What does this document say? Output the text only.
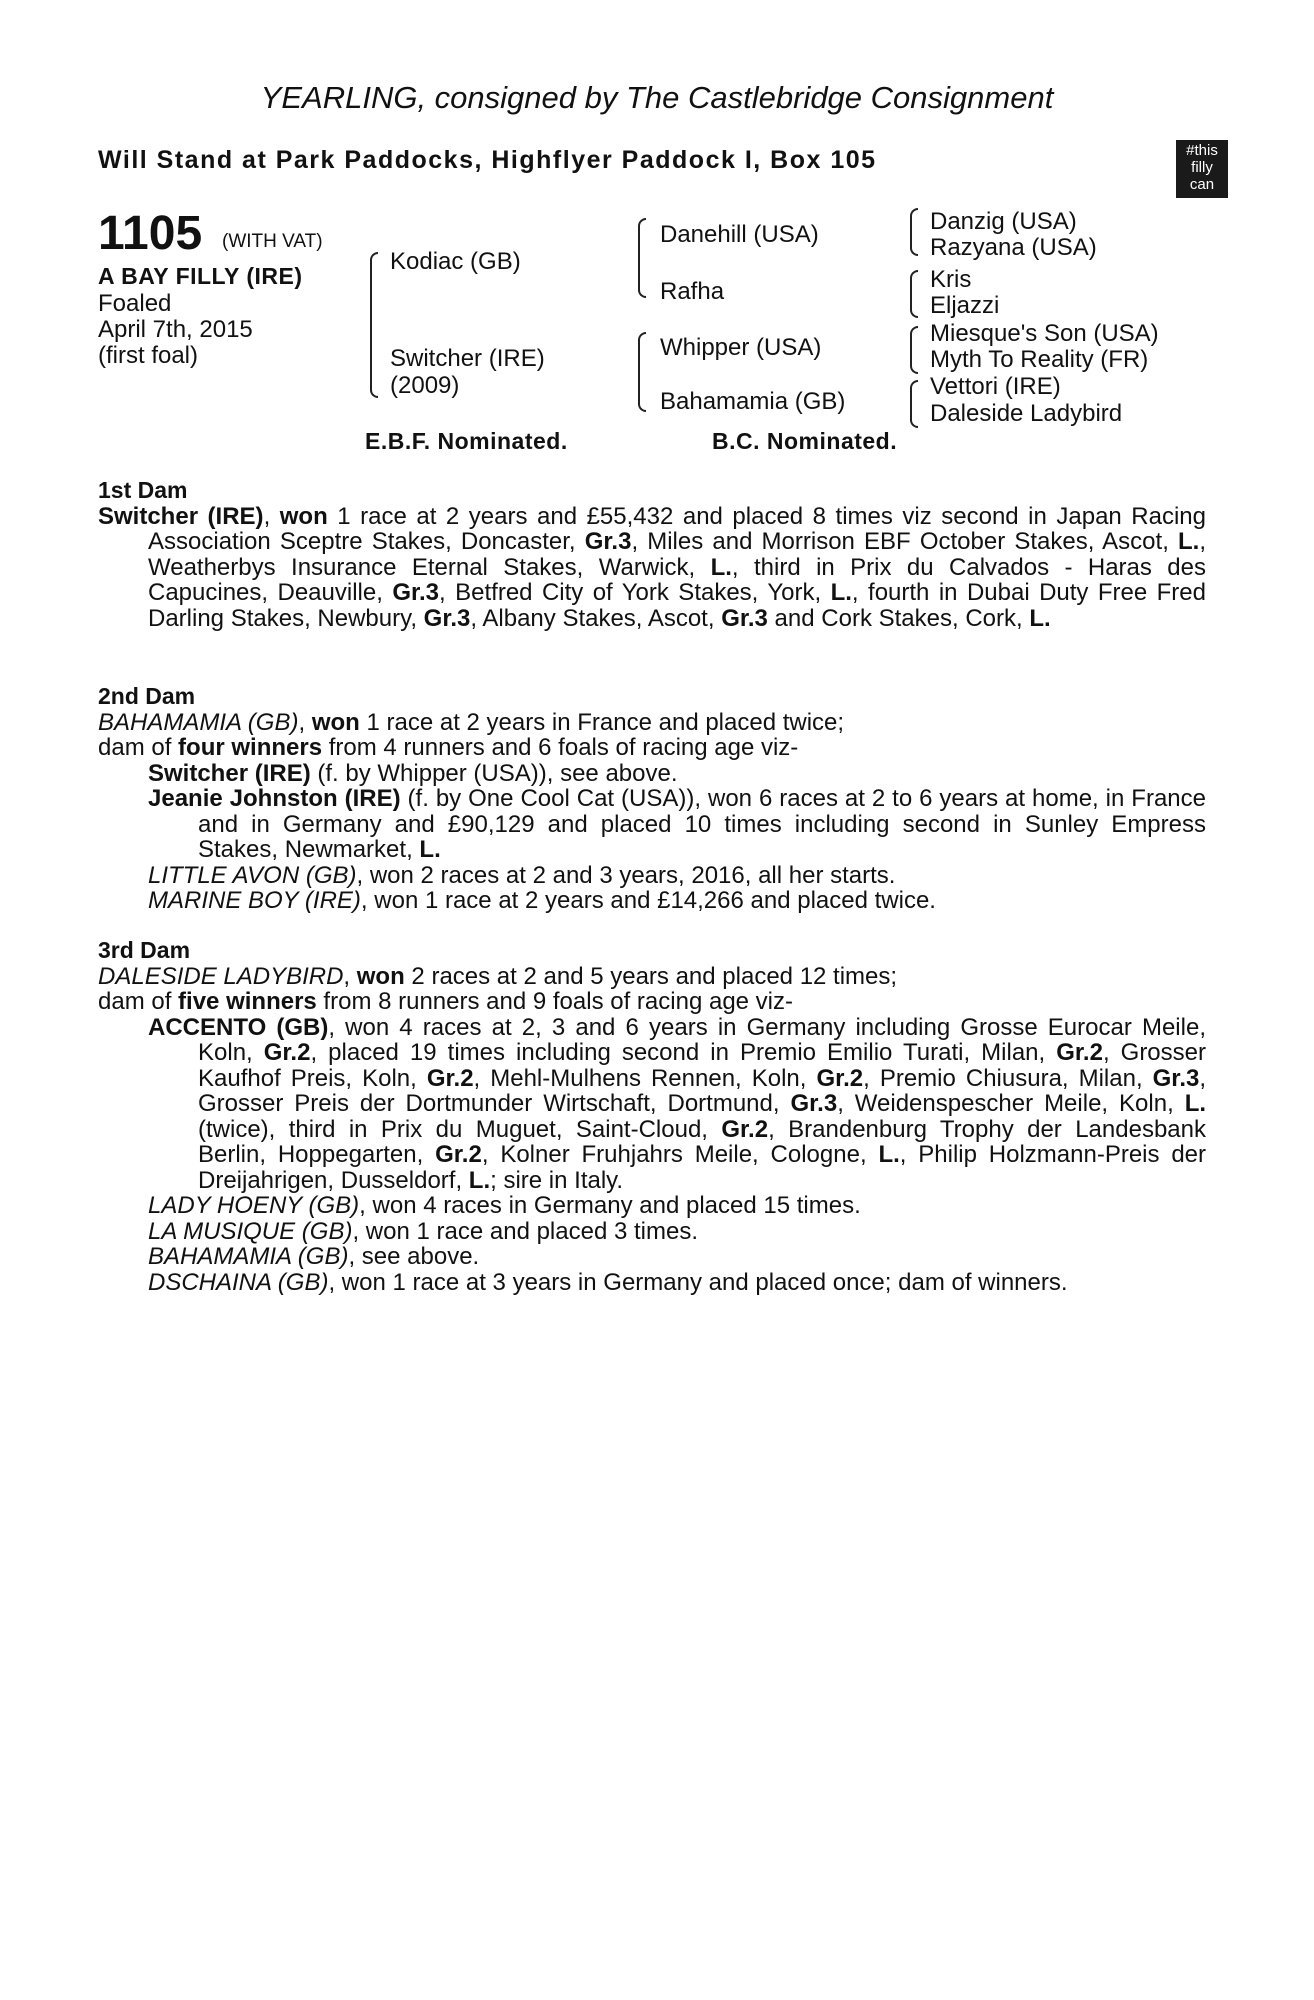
YEARLING, consigned by The Castlebridge Consignment
Will Stand at Park Paddocks, Highflyer Paddock I, Box 105	#this
filly
can
1105 (WITH VAT)
A BAY FILLY (IRE)
Foaled
April 7th, 2015
(first foal)
Kodiac (GB)
Switcher (IRE)
(2009)
Danehill (USA)
Rafha
Whipper (USA)
Bahamamia (GB)
Danzig (USA)
Razyana (USA)
Kris
Eljazzi
Miesque's Son (USA)
Myth To Reality (FR)
Vettori (IRE)
Daleside Ladybird
E.B.F. Nominated.	B.C. Nominated.

1st Dam

Switcher (IRE), won 1 race at 2 years and £55,432 and placed 8 times viz second in Japan Racing Association Sceptre Stakes, Doncaster, Gr.3, Miles and Morrison EBF October Stakes, Ascot, L., Weatherbys Insurance Eternal Stakes, Warwick, L., third in Prix du Calvados - Haras des Capucines, Deauville, Gr.3, Betfred City of York Stakes, York, L., fourth in Dubai Duty Free Fred Darling Stakes, Newbury, Gr.3, Albany Stakes, Ascot, Gr.3 and Cork Stakes, Cork, L.

2nd Dam

BAHAMAMIA (GB), won 1 race at 2 years in France and placed twice;

dam of four winners from 4 runners and 6 foals of racing age viz-

Switcher (IRE) (f. by Whipper (USA)), see above.

Jeanie Johnston (IRE) (f. by One Cool Cat (USA)), won 6 races at 2 to 6 years at home, in France and in Germany and £90,129 and placed 10 times including second in Sunley Empress Stakes, Newmarket, L.

LITTLE AVON (GB), won 2 races at 2 and 3 years, 2016, all her starts.

MARINE BOY (IRE), won 1 race at 2 years and £14,266 and placed twice.

3rd Dam

DALESIDE LADYBIRD, won 2 races at 2 and 5 years and placed 12 times;

dam of five winners from 8 runners and 9 foals of racing age viz-

ACCENTO (GB), won 4 races at 2, 3 and 6 years in Germany including Grosse Eurocar Meile, Koln, Gr.2, placed 19 times including second in Premio Emilio Turati, Milan, Gr.2, Grosser Kaufhof Preis, Koln, Gr.2, Mehl-Mulhens Rennen, Koln, Gr.2, Premio Chiusura, Milan, Gr.3, Grosser Preis der Dortmunder Wirtschaft, Dortmund, Gr.3, Weidenspescher Meile, Koln, L. (twice), third in Prix du Muguet, Saint-Cloud, Gr.2, Brandenburg Trophy der Landesbank Berlin, Hoppegarten, Gr.2, Kolner Fruhjahrs Meile, Cologne, L., Philip Holzmann-Preis der Dreijahrigen, Dusseldorf, L.; sire in Italy.

LADY HOENY (GB), won 4 races in Germany and placed 15 times.

LA MUSIQUE (GB), won 1 race and placed 3 times.

BAHAMAMIA (GB), see above.

DSCHAINA (GB), won 1 race at 3 years in Germany and placed once; dam of winners.
